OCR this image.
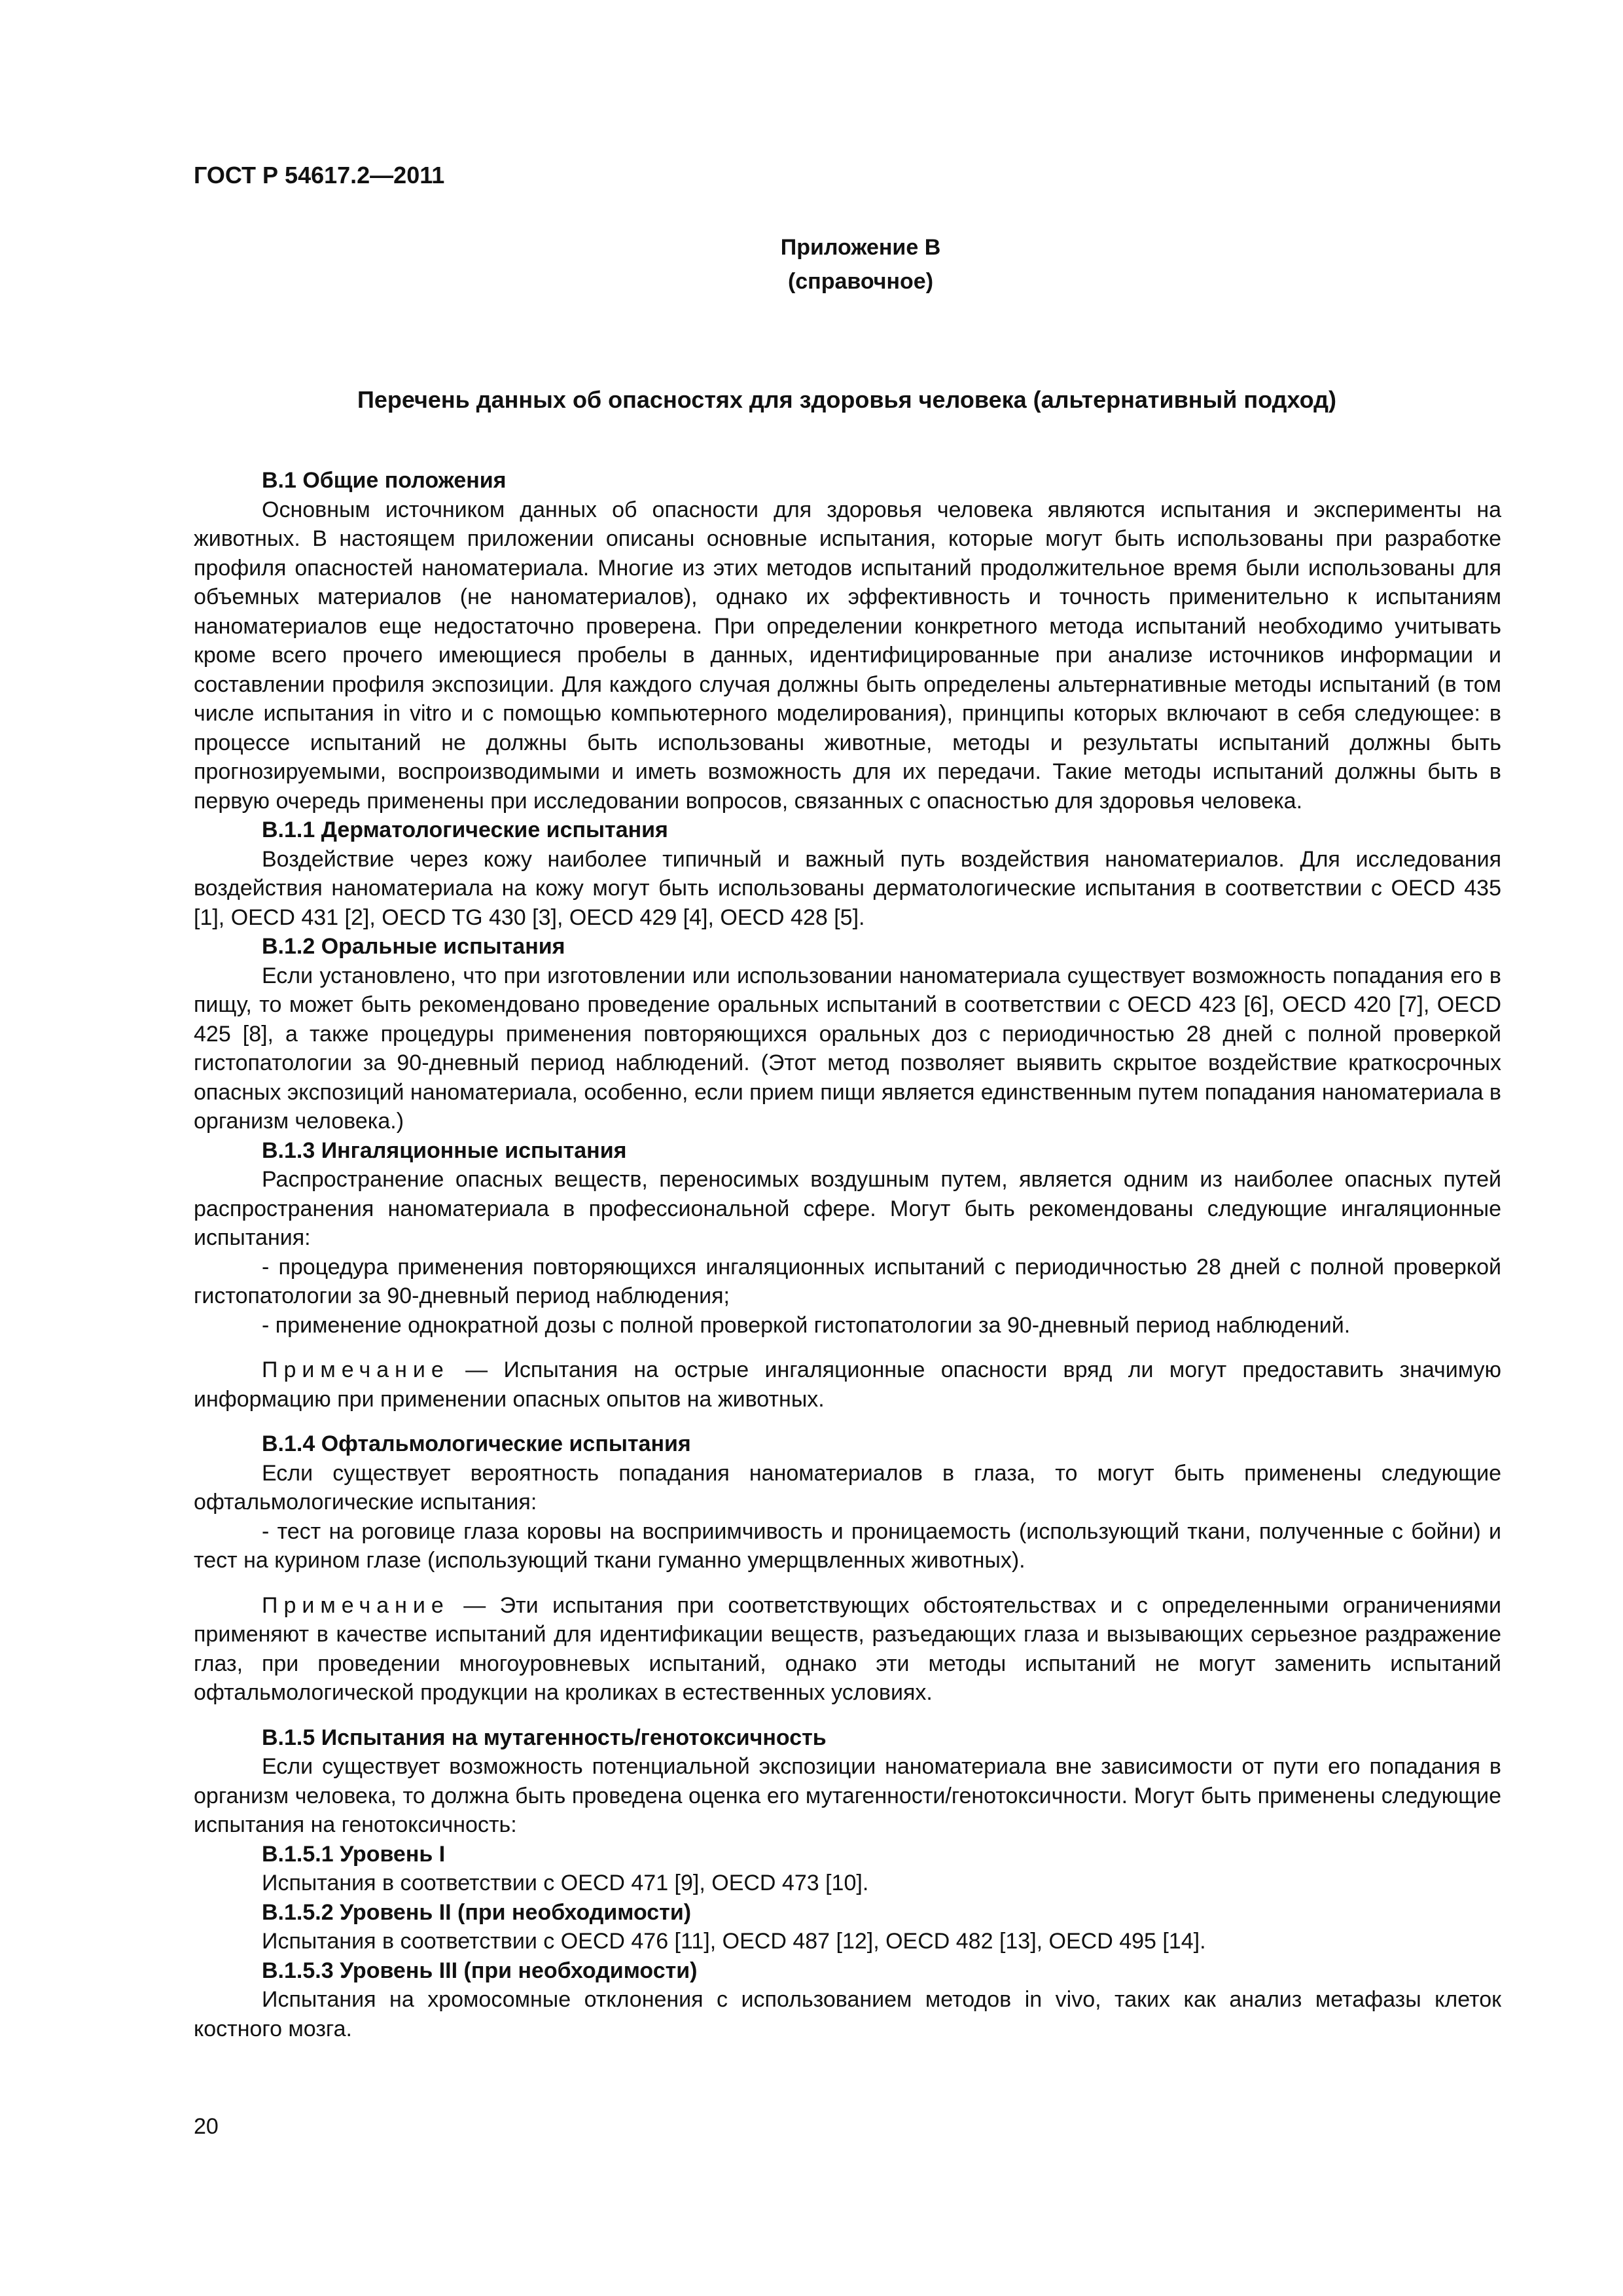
ГОСТ Р 54617.2—2011
Приложение В
(справочное)
Перечень данных об опасностях для здоровья человека (альтернативный подход)
В.1 Общие положения

Основным источником данных об опасности для здоровья человека являются испытания и эксперименты на животных. В настоящем приложении описаны основные испытания, которые могут быть использованы при разработке профиля опасностей наноматериала. Многие из этих методов испытаний продолжительное время были использованы для объемных материалов (не наноматериалов), однако их эффективность и точность применительно к испытаниям наноматериалов еще недостаточно проверена. При определении конкретного метода испытаний необходимо учитывать кроме всего прочего имеющиеся пробелы в данных, идентифицированные при анализе источников информации и составлении профиля экспозиции. Для каждого случая должны быть определены альтернативные методы испытаний (в том числе испытания in vitro и с помощью компьютерного моделирования), принципы которых включают в себя следующее: в процессе испытаний не должны быть использованы животные, методы и результаты испытаний должны быть прогнозируемыми, воспроизводимыми и иметь возможность для их передачи. Такие методы испытаний должны быть в первую очередь применены при исследовании вопросов, связанных с опасностью для здоровья человека.

В.1.1 Дерматологические испытания

Воздействие через кожу наиболее типичный и важный путь воздействия наноматериалов. Для исследования воздействия наноматериала на кожу могут быть использованы дерматологические испытания в соответствии с OECD 435 [1], OECD 431 [2], OECD TG 430 [3], OECD 429 [4], OECD 428 [5].

В.1.2 Оральные испытания

Если установлено, что при изготовлении или использовании наноматериала существует возможность попадания его в пищу, то может быть рекомендовано проведение оральных испытаний в соответствии с OECD 423 [6], OECD 420 [7], OECD 425 [8], а также процедуры применения повторяющихся оральных доз с периодичностью 28 дней с полной проверкой гистопатологии за 90-дневный период наблюдений. (Этот метод позволяет выявить скрытое воздействие краткосрочных опасных экспозиций наноматериала, особенно, если прием пищи является единственным путем попадания наноматериала в организм человека.)

В.1.3 Ингаляционные испытания

Распространение опасных веществ, переносимых воздушным путем, является одним из наиболее опасных путей распространения наноматериала в профессиональной сфере. Могут быть рекомендованы следующие ингаляционные испытания:

- процедура применения повторяющихся ингаляционных испытаний с периодичностью 28 дней с полной проверкой гистопатологии за 90-дневный период наблюдения;

- применение однократной дозы с полной проверкой гистопатологии за 90-дневный период наблюдений.

Примечание — Испытания на острые ингаляционные опасности вряд ли могут предоставить значимую информацию при применении опасных опытов на животных.

В.1.4 Офтальмологические испытания

Если существует вероятность попадания наноматериалов в глаза, то могут быть применены следующие офтальмологические испытания:

- тест на роговице глаза коровы на восприимчивость и проницаемость (использующий ткани, полученные с бойни) и тест на курином глазе (использующий ткани гуманно умерщвленных животных).

Примечание — Эти испытания при соответствующих обстоятельствах и с определенными ограничениями применяют в качестве испытаний для идентификации веществ, разъедающих глаза и вызывающих серьезное раздражение глаз, при проведении многоуровневых испытаний, однако эти методы испытаний не могут заменить испытаний офтальмологической продукции на кроликах в естественных условиях.

В.1.5 Испытания на мутагенность/генотоксичность

Если существует возможность потенциальной экспозиции наноматериала вне зависимости от пути его попадания в организм человека, то должна быть проведена оценка его мутагенности/генотоксичности. Могут быть применены следующие испытания на генотоксичность:

В.1.5.1 Уровень I

Испытания в соответствии с OECD 471 [9], OECD 473 [10].

В.1.5.2 Уровень II (при необходимости)

Испытания в соответствии с OECD 476 [11], OECD 487 [12], OECD 482 [13], OECD 495 [14].

В.1.5.3 Уровень III (при необходимости)

Испытания на хромосомные отклонения с использованием методов in vivo, таких как анализ метафазы клеток костного мозга.

20
